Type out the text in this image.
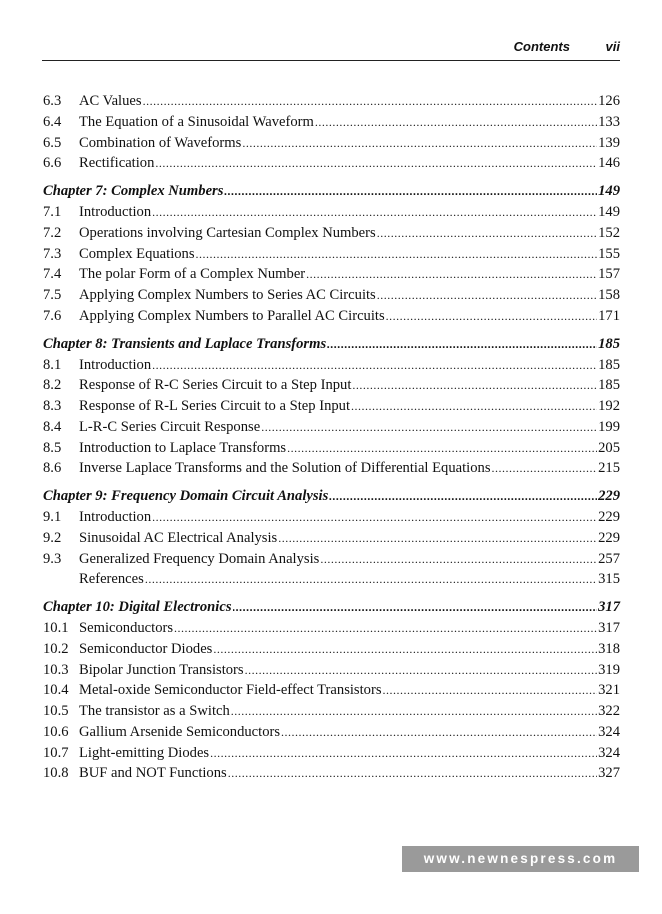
Contents	vii
6.3	AC Values .....	126
6.4	The Equation of a Sinusoidal Waveform .....	133
6.5	Combination of Waveforms .....	139
6.6	Rectification .....	146
Chapter 7: Complex Numbers .....	149
7.1	Introduction .....	149
7.2	Operations involving Cartesian Complex Numbers .....	152
7.3	Complex Equations .....	155
7.4	The polar Form of a Complex Number .....	157
7.5	Applying Complex Numbers to Series AC Circuits .....	158
7.6	Applying Complex Numbers to Parallel AC Circuits .....	171
Chapter 8: Transients and Laplace Transforms .....	185
8.1	Introduction .....	185
8.2	Response of R-C Series Circuit to a Step Input .....	185
8.3	Response of R-L Series Circuit to a Step Input .....	192
8.4	L-R-C Series Circuit Response .....	199
8.5	Introduction to Laplace Transforms .....	205
8.6	Inverse Laplace Transforms and the Solution of Differential Equations .....	215
Chapter 9: Frequency Domain Circuit Analysis .....	229
9.1	Introduction .....	229
9.2	Sinusoidal AC Electrical Analysis .....	229
9.3	Generalized Frequency Domain Analysis .....	257
References .....	315
Chapter 10: Digital Electronics .....	317
10.1 Semiconductors .....	317
10.2 Semiconductor Diodes .....	318
10.3 Bipolar Junction Transistors .....	319
10.4 Metal-oxide Semiconductor Field-effect Transistors .....	321
10.5 The transistor as a Switch .....	322
10.6 Gallium Arsenide Semiconductors .....	324
10.7 Light-emitting Diodes .....	324
10.8 BUF and NOT Functions .....	327
www.newnespress.com
